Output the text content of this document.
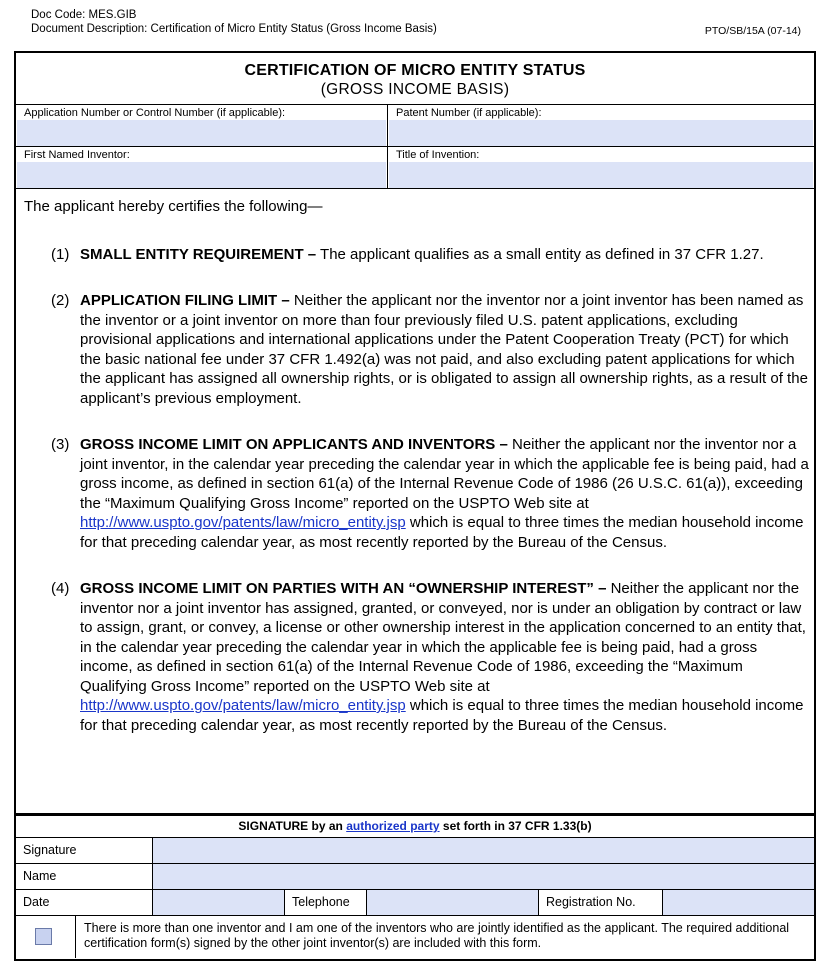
Doc Code: MES.GIB
Document Description: Certification of Micro Entity Status (Gross Income Basis)	PTO/SB/15A (07-14)
CERTIFICATION OF MICRO ENTITY STATUS
(GROSS INCOME BASIS)
Application Number or Control Number (if applicable):	Patent Number (if applicable):
First Named Inventor:	Title of Invention:
The applicant hereby certifies the following—
(1) SMALL ENTITY REQUIREMENT – The applicant qualifies as a small entity as defined in 37 CFR 1.27.
(2) APPLICATION FILING LIMIT – Neither the applicant nor the inventor nor a joint inventor has been named as the inventor or a joint inventor on more than four previously filed U.S. patent applications, excluding provisional applications and international applications under the Patent Cooperation Treaty (PCT) for which the basic national fee under 37 CFR 1.492(a) was not paid, and also excluding patent applications for which the applicant has assigned all ownership rights, or is obligated to assign all ownership rights, as a result of the applicant’s previous employment.
(3) GROSS INCOME LIMIT ON APPLICANTS AND INVENTORS – Neither the applicant nor the inventor nor a joint inventor, in the calendar year preceding the calendar year in which the applicable fee is being paid, had a gross income, as defined in section 61(a) of the Internal Revenue Code of 1986 (26 U.S.C. 61(a)), exceeding the “Maximum Qualifying Gross Income” reported on the USPTO Web site at http://www.uspto.gov/patents/law/micro_entity.jsp which is equal to three times the median household income for that preceding calendar year, as most recently reported by the Bureau of the Census.
(4) GROSS INCOME LIMIT ON PARTIES WITH AN “OWNERSHIP INTEREST” – Neither the applicant nor the inventor nor a joint inventor has assigned, granted, or conveyed, nor is under an obligation by contract or law to assign, grant, or convey, a license or other ownership interest in the application concerned to an entity that, in the calendar year preceding the calendar year in which the applicable fee is being paid, had a gross income, as defined in section 61(a) of the Internal Revenue Code of 1986, exceeding the “Maximum Qualifying Gross Income” reported on the USPTO Web site at http://www.uspto.gov/patents/law/micro_entity.jsp which is equal to three times the median household income for that preceding calendar year, as most recently reported by the Bureau of the Census.
SIGNATURE by an authorized party set forth in 37 CFR 1.33(b)
Signature
Name
Date	Telephone	Registration No.
There is more than one inventor and I am one of the inventors who are jointly identified as the applicant. The required additional certification form(s) signed by the other joint inventor(s) are included with this form.
